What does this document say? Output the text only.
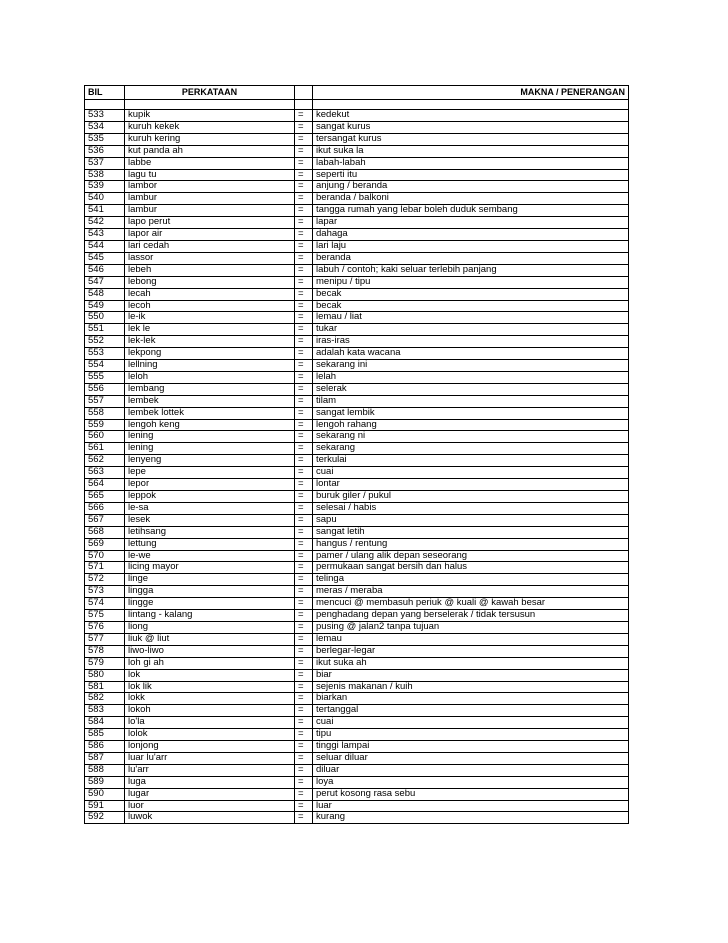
BIL	PERKATAAN		MAKNA / PENERANGAN

533	kupik	=	kedekut
534	kuruh kekek	=	sangat kurus
535	kuruh kering	=	tersangat kurus
536	kut panda ah	=	ikut suka la
537	labbe	=	labah-labah
538	lagu tu	=	seperti itu
539	lambor	=	anjung / beranda
540	lambur	=	beranda / balkoni
541	lambur	=	tangga rumah yang lebar boleh duduk sembang
542	lapo perut	=	lapar
543	lapor air	=	dahaga
544	lari cedah	=	lari laju
545	lassor	=	beranda
546	lebeh	=	labuh / contoh; kaki seluar terlebih panjang
547	lebong	=	menipu / tipu
548	lecah	=	becak
549	lecoh	=	becak
550	le-ik	=	lemau / liat
551	lek le	=	tukar
552	lek-lek	=	iras-iras
553	lekpong	=	adalah kata wacana
554	lellning	=	sekarang ini
555	leloh	=	lelah
556	lembang	=	selerak
557	lembek	=	tilam
558	lembek lottek	=	sangat lembik
559	lengoh keng	=	lengoh rahang
560	lening	=	sekarang ni
561	lening	=	sekarang
562	lenyeng	=	terkulai
563	lepe	=	cuai
564	lepor	=	lontar
565	leppok	=	buruk giler / pukul
566	le-sa	=	selesai / habis
567	lesek	=	sapu
568	letihsang	=	sangat letih
569	lettung	=	hangus / rentung
570	le-we	=	pamer / ulang alik depan seseorang
571	licing mayor	=	permukaan sangat bersih dan halus
572	linge	=	telinga
573	lingga	=	meras / meraba
574	lingge	=	mencuci @ membasuh periuk @ kuali @ kawah besar
575	lintang - kalang	=	penghadang depan yang berselerak / tidak tersusun
576	liong	=	pusing @ jalan2 tanpa tujuan
577	liuk @ liut	=	lemau
578	liwo-liwo	=	berlegar-legar
579	loh gi ah	=	ikut suka ah
580	lok	=	biar
581	lok lik	=	sejenis makanan / kuih
582	lokk	=	biarkan
583	lokoh	=	tertanggal
584	lo'la	=	cuai
585	lolok	=	tipu
586	lonjong	=	tinggi lampai
587	luar lu'arr	=	seluar diluar
588	lu'arr	=	diluar
589	luga	=	loya
590	lugar	=	perut kosong rasa sebu
591	luor	=	luar
592	luwok	=	kurang
